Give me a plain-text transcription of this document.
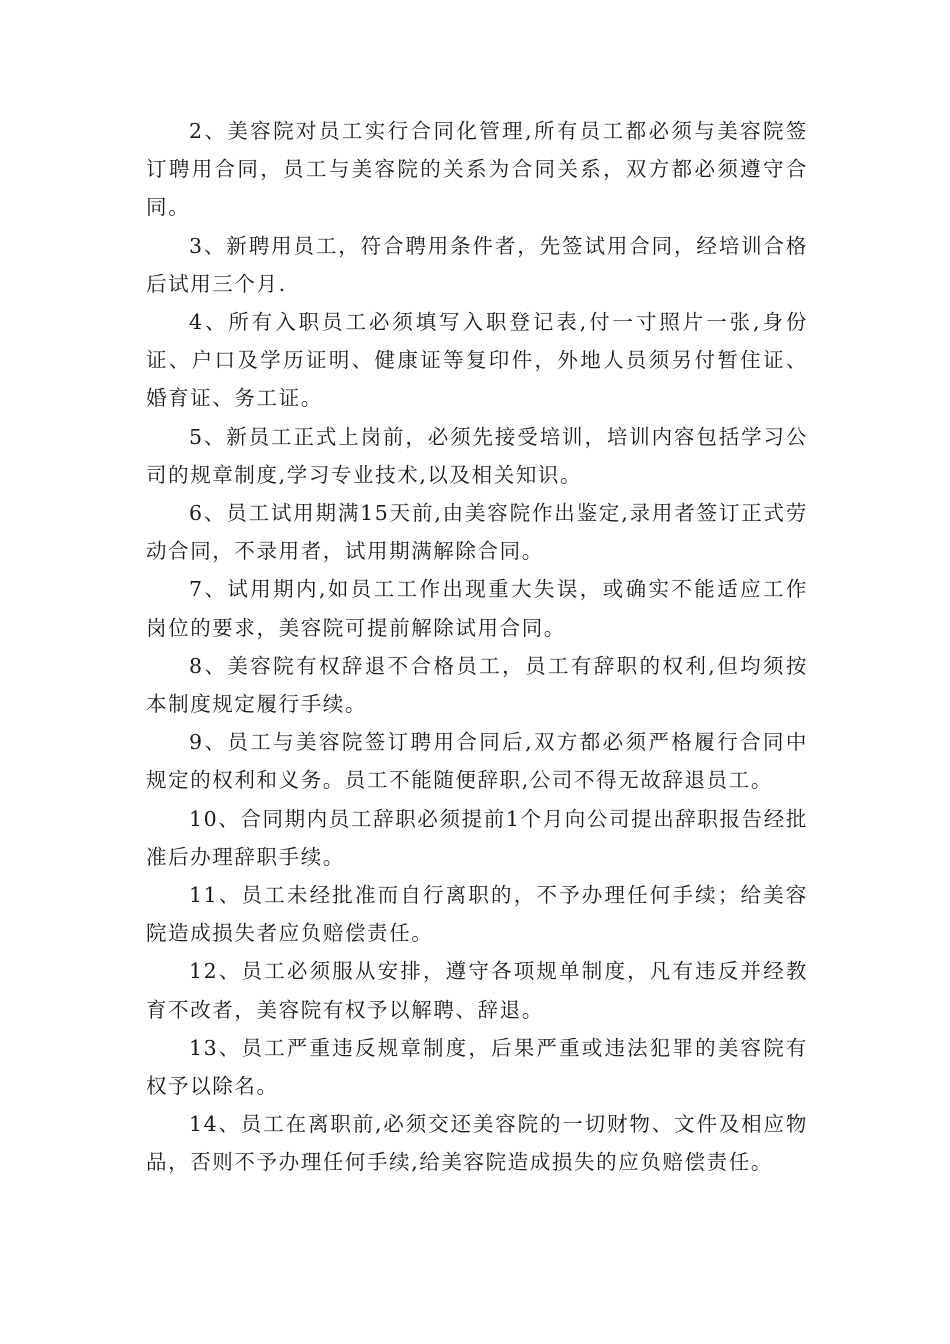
2、美容院对员工实行合同化管理,所有员工都必须与美容院签订聘用合同，员工与美容院的关系为合同关系，双方都必须遵守合同。

3、新聘用员工，符合聘用条件者，先签试用合同，经培训合格后试用三个月.

4、所有入职员工必须填写入职登记表,付一寸照片一张,身份证、户口及学历证明、健康证等复印件，外地人员须另付暂住证、婚育证、务工证。

5、新员工正式上岗前，必须先接受培训，培训内容包括学习公司的规章制度,学习专业技术,以及相关知识。

6、员工试用期满15天前,由美容院作出鉴定,录用者签订正式劳动合同，不录用者，试用期满解除合同。

7、试用期内,如员工工作出现重大失误，或确实不能适应工作岗位的要求，美容院可提前解除试用合同。

8、美容院有权辞退不合格员工，员工有辞职的权利,但均须按本制度规定履行手续。

9、员工与美容院签订聘用合同后,双方都必须严格履行合同中规定的权利和义务。员工不能随便辞职,公司不得无故辞退员工。

10、合同期内员工辞职必须提前1个月向公司提出辞职报告经批准后办理辞职手续。

11、员工未经批准而自行离职的，不予办理任何手续；给美容院造成损失者应负赔偿责任。

12、员工必须服从安排，遵守各项规单制度，凡有违反并经教育不改者，美容院有权予以解聘、辞退。

13、员工严重违反规章制度，后果严重或违法犯罪的美容院有权予以除名。

14、员工在离职前,必须交还美容院的一切财物、文件及相应物品，否则不予办理任何手续,给美容院造成损失的应负赔偿责任。
